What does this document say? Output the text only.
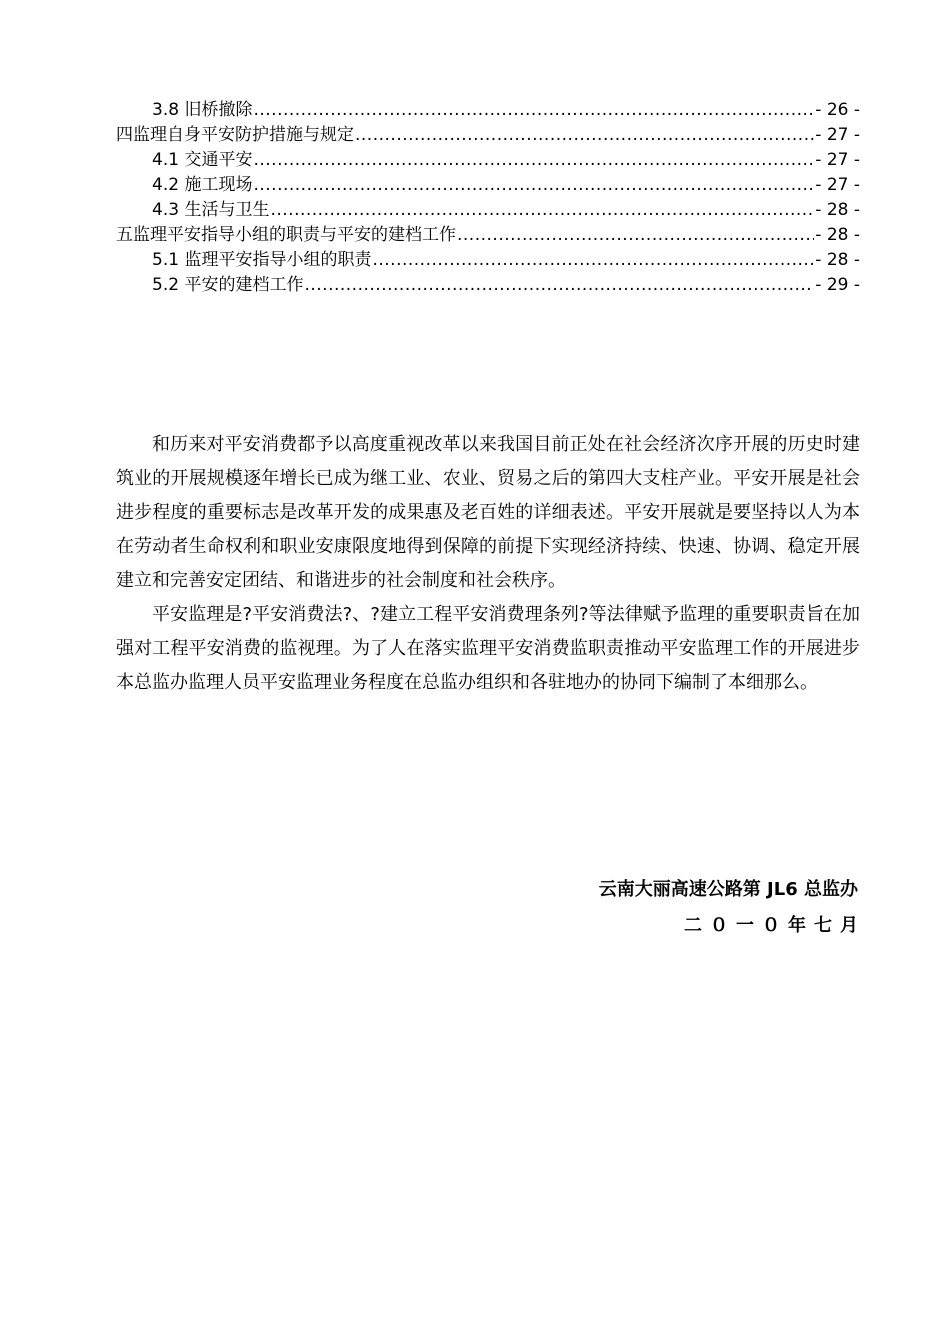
3.8 旧桥撤除 .....	- 26 -
四监理自身平安防护措施与规定 .....	- 27 -
4.1 交通平安 .....	- 27 -
4.2 施工现场 .....	- 27 -
4.3 生活与卫生 .....	- 28 -
五监理平安指导小组的职责与平安的建档工作 .....	- 28 -
5.1 监理平安指导小组的职责 .....	- 28 -
5.2 平安的建档工作 .....	- 29 -

和历来对平安消费都予以高度重视改革以来我国目前正处在社会经济次序开展的历史时建筑业的开展规模逐年增长已成为继工业、农业、贸易之后的第四大支柱产业。平安开展是社会进步程度的重要标志是改革开发的成果惠及老百姓的详细表述。平安开展就是要坚持以人为本在劳动者生命权利和职业安康限度地得到保障的前提下实现经济持续、快速、协调、稳定开展建立和完善安定团结、和谐进步的社会制度和社会秩序。

平安监理是?平安消费法?、?建立工程平安消费理条列?等法律赋予监理的重要职责旨在加强对工程平安消费的监视理。为了人在落实监理平安消费监职责推动平安监理工作的开展进步本总监办监理人员平安监理业务程度在总监办组织和各驻地办的协同下编制了本细那么。

云南大丽高速公路第 JL6 总监办
二０一０年七月
